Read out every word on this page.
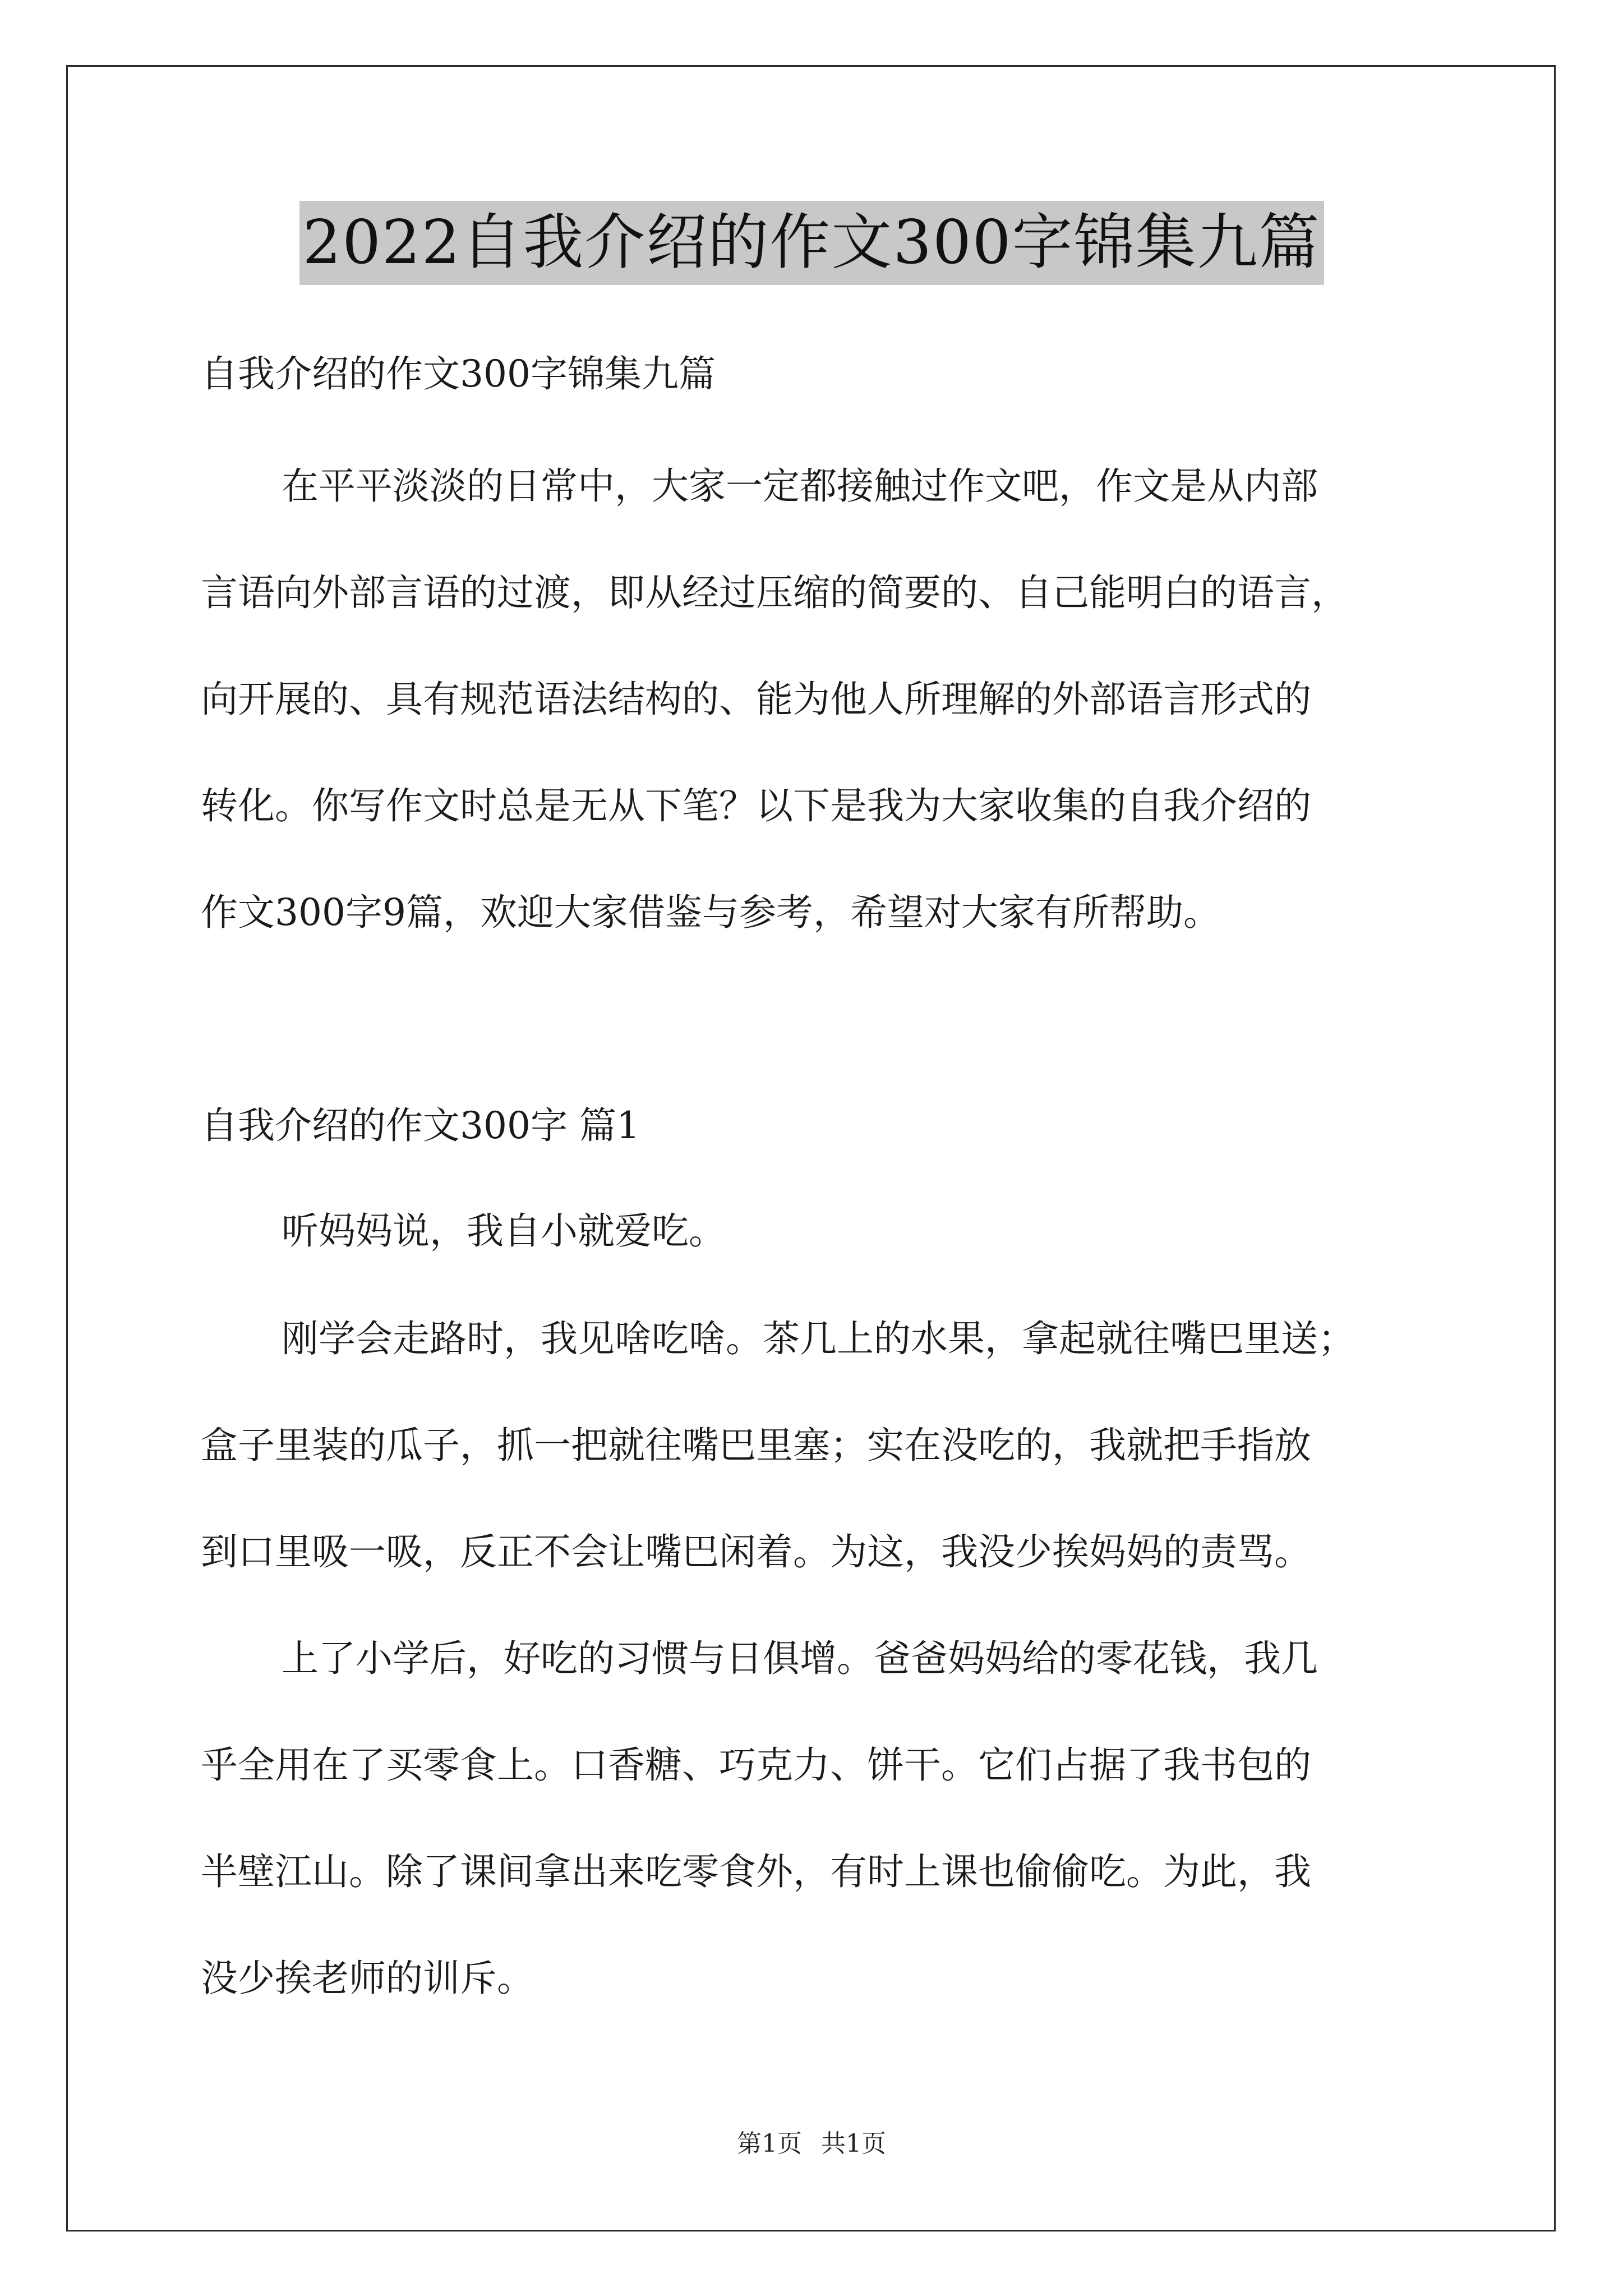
2022自我介绍的作文300字锦集九篇
自我介绍的作文300字锦集九篇
在平平淡淡的日常中，大家一定都接触过作文吧，作文是从内部
言语向外部言语的过渡，即从经过压缩的简要的、自己能明白的语言，
向开展的、具有规范语法结构的、能为他人所理解的外部语言形式的
转化。你写作文时总是无从下笔？以下是我为大家收集的自我介绍的
作文300字9篇，欢迎大家借鉴与参考，希望对大家有所帮助。
自我介绍的作文300字 篇1
听妈妈说，我自小就爱吃。
刚学会走路时，我见啥吃啥。茶几上的水果，拿起就往嘴巴里送；
盒子里装的瓜子，抓一把就往嘴巴里塞；实在没吃的，我就把手指放
到口里吸一吸，反正不会让嘴巴闲着。为这，我没少挨妈妈的责骂。
上了小学后，好吃的习惯与日俱增。爸爸妈妈给的零花钱，我几
乎全用在了买零食上。口香糖、巧克力、饼干。它们占据了我书包的
半壁江山。除了课间拿出来吃零食外，有时上课也偷偷吃。为此，我
没少挨老师的训斥。
第1页 共1页
